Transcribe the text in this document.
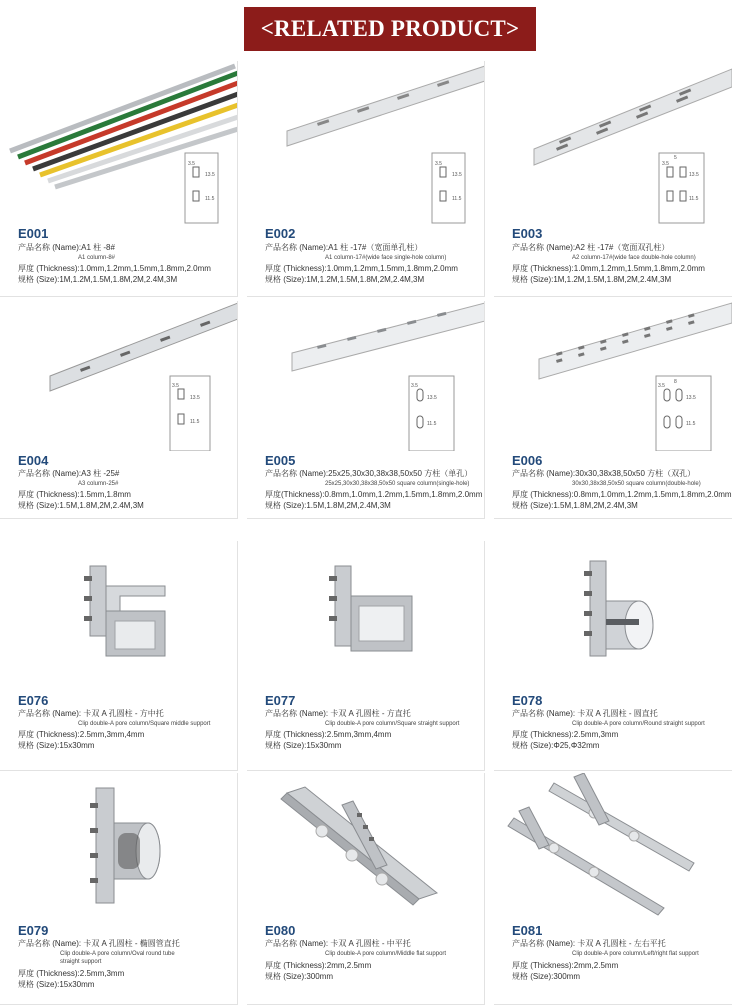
<RELATED PRODUCT>
13.5
11.5
3.5
E001
产品名称 (Name):A1 柱 -8#
A1 column-8#
厚度 (Thickness):1.0mm,1.2mm,1.5mm,1.8mm,2.0mm
规格 (Size):1M,1.2M,1.5M,1.8M,2M,2.4M,3M
3.5
13.5
11.5
E002
产品名称 (Name):A1 柱 -17#（宽面单孔柱）
A1 column-17#(wide face single-hole column)
厚度 (Thickness):1.0mm,1.2mm,1.5mm,1.8mm,2.0mm
规格 (Size):1M,1.2M,1.5M,1.8M,2M,2.4M,3M
5
3.5
13.5
11.5
E003
产品名称 (Name):A2 柱 -17#（宽面双孔柱）
A2 column-17#(wide face double-hole column)
厚度 (Thickness):1.0mm,1.2mm,1.5mm,1.8mm,2.0mm
规格 (Size):1M,1.2M,1.5M,1.8M,2M,2.4M,3M
3.5
13.5
11.5
E004
产品名称 (Name):A3 柱 -25#
A3 column-25#
厚度 (Thickness):1.5mm,1.8mm
规格 (Size):1.5M,1.8M,2M,2.4M,3M
3.5
13.5
11.5
E005
产品名称 (Name):25x25,30x30,38x38,50x50 方柱（单孔）
25x25,30x30,38x38,50x50 square column(single-hole)
厚度(Thickness):0.8mm,1.0mm,1.2mm,1.5mm,1.8mm,2.0mm
规格 (Size):1.5M,1.8M,2M,2.4M,3M
8
3.5
13.5
11.5
E006
产品名称 (Name):30x30,38x38,50x50 方柱（双孔）
30x30,38x38,50x50 square column(double-hole)
厚度 (Thickness):0.8mm,1.0mm,1.2mm,1.5mm,1.8mm,2.0mm
规格 (Size):1.5M,1.8M,2M,2.4M,3M
E076
产品名称 (Name): 卡双 A 孔圆柱 - 方中托
Clip double-A pore column/Square middle support
厚度 (Thickness):2.5mm,3mm,4mm
规格 (Size):15x30mm
E077
产品名称 (Name): 卡双 A 孔圆柱 - 方直托
Clip double-A pore column/Square straight support
厚度 (Thickness):2.5mm,3mm,4mm
规格 (Size):15x30mm
E078
产品名称 (Name): 卡双 A 孔圆柱 - 圆直托
Clip double-A pore column/Round straight support
厚度 (Thickness):2.5mm,3mm
规格 (Size):Φ25,Φ32mm
E079
产品名称 (Name): 卡双 A 孔圆柱 - 椭圆管直托
Clip double-A pore column/Oval round tube
straight support
厚度 (Thickness):2.5mm,3mm
规格 (Size):15x30mm
E080
产品名称 (Name): 卡双 A 孔圆柱 - 中平托
Clip double-A pore column/Middle flat support
厚度 (Thickness):2mm,2.5mm
规格 (Size):300mm
E081
产品名称 (Name): 卡双 A 孔圆柱 - 左右平托
Clip double-A pore column/Left/right flat support
厚度 (Thickness):2mm,2.5mm
规格 (Size):300mm
